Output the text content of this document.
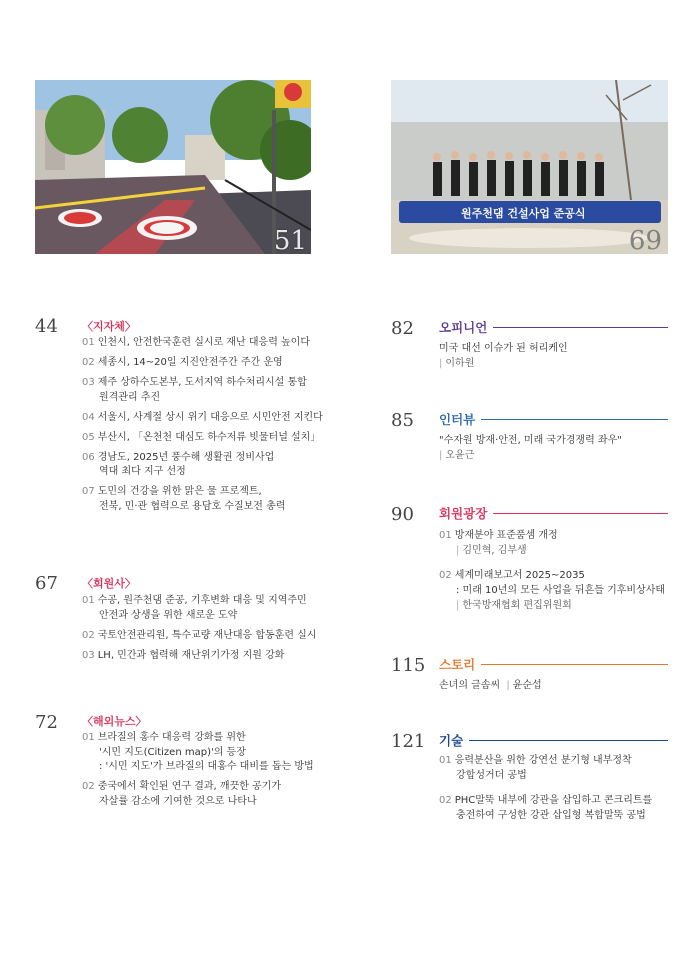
51
원주천댐 건설사업 준공식
69
44 〈지자체〉
01 인천시, 안전한국훈련 실시로 재난 대응력 높이다
02 세종시, 14~20일 지진안전주간 주간 운영
03 제주 상하수도본부, 도서지역 하수처리시설 통합
원격관리 추진
04 서울시, 사계절 상시 위기 대응으로 시민안전 지킨다
05 부산시, 「온천천 대심도 하수저류 빗물터널 설치」
06 경남도, 2025년 풍수해 생활권 정비사업
역대 최다 지구 선정
07 도민의 건강을 위한 맑은 물 프로젝트,
전북, 민·관 협력으로 용담호 수질보전 총력
67 〈회원사〉
01 수공, 원주천댐 준공, 기후변화 대응 및 지역주민
안전과 상생을 위한 새로운 도약
02 국토안전관리원, 특수교량 재난대응 합동훈련 실시
03 LH, 민간과 협력해 재난위기가정 지원 강화
72 〈해외뉴스〉
01 브라질의 홍수 대응력 강화를 위한
'시민 지도(Citizen map)'의 등장
: '시민 지도'가 브라질의 대홍수 대비를 돕는 방법
02 중국에서 확인된 연구 결과, 깨끗한 공기가
자살률 감소에 기여한 것으로 나타나
82 오피니언
미국 대선 이슈가 된 허리케인
| 이하원
85 인터뷰
"수자원 방재·안전, 미래 국가경쟁력 좌우"
| 오윤근
90 회원광장
01 방재분야 표준품셈 개정
| 김민혁, 김부생
02 세계미래보고서 2025~2035
: 미래 10년의 모든 사업을 뒤흔들 기후비상사태
| 한국방재협회 편집위원회
115 스토리
손녀의 글솜씨 | 윤순섭
121 기술
01 응력분산을 위한 강연선 분기형 내부정착
강합성거더 공법
02 PHC말뚝 내부에 강관을 삽입하고 콘크리트를
충전하여 구성한 강관 삽입형 복합말뚝 공법
